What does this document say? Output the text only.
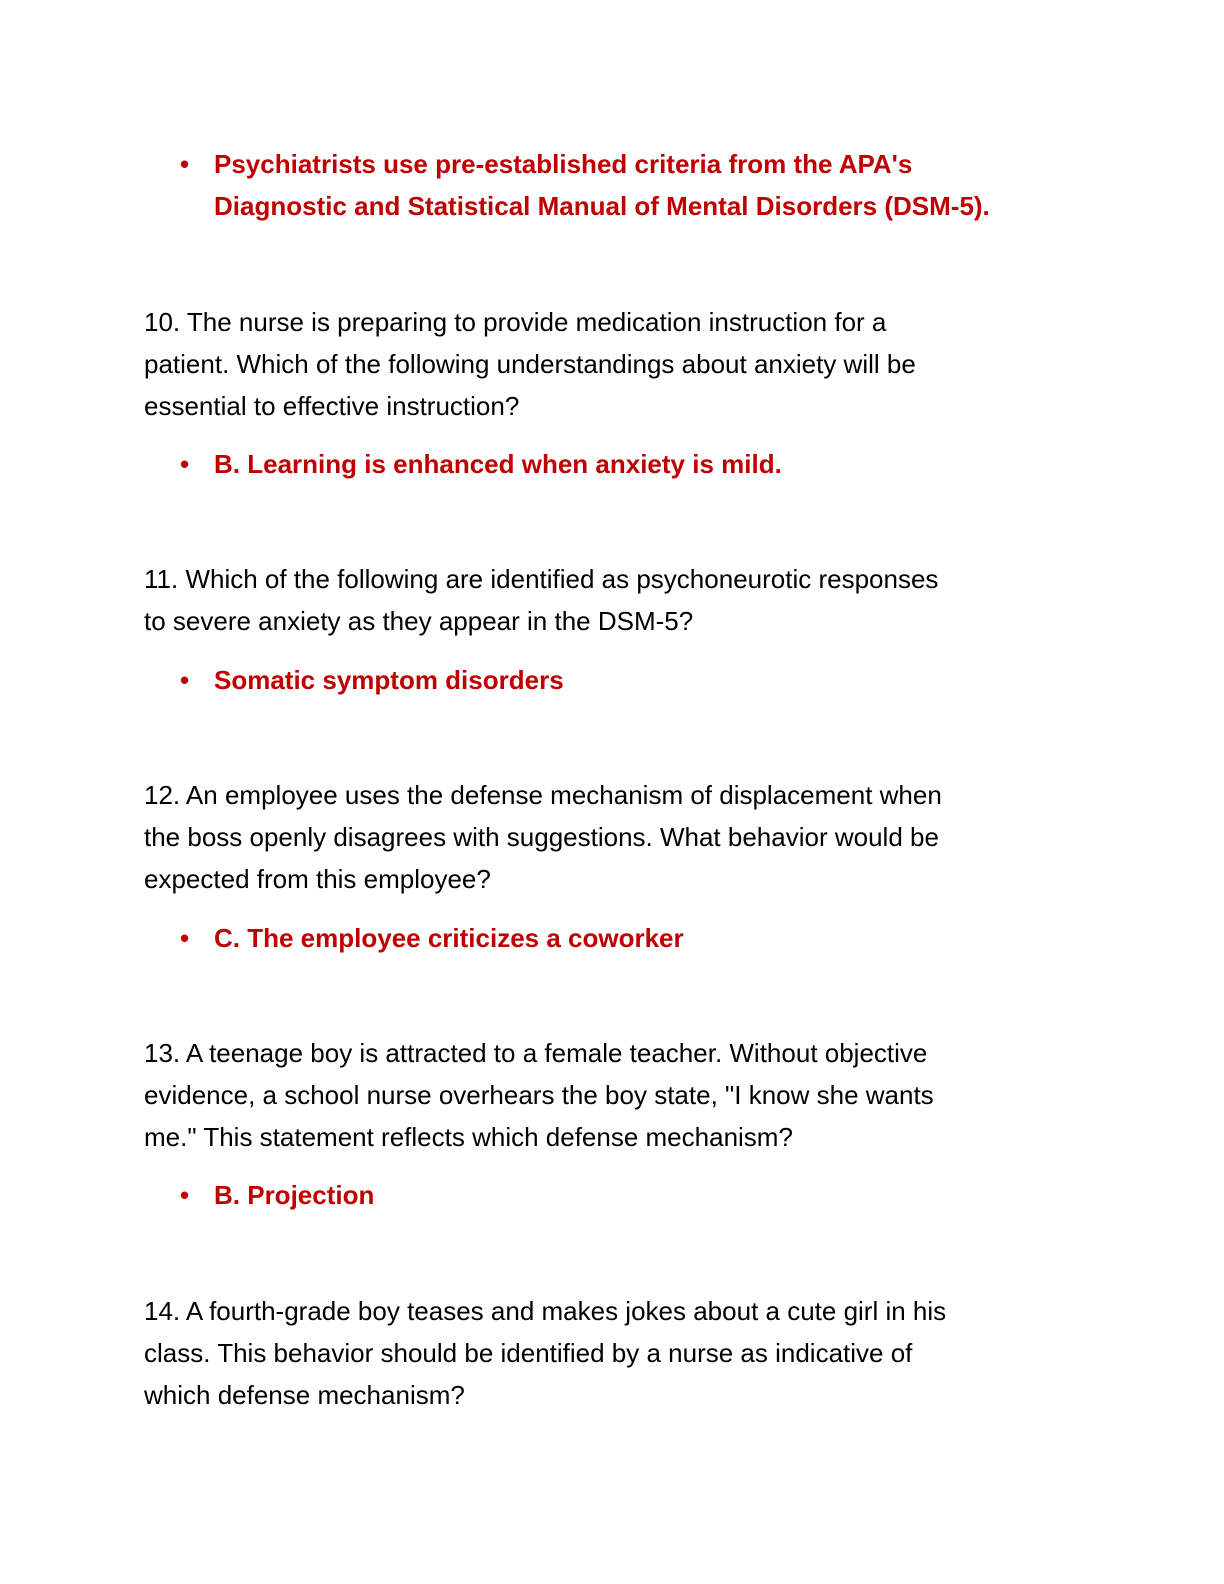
• Psychiatrists use pre-established criteria from the APA's
Diagnostic and Statistical Manual of Mental Disorders (DSM-5).
10. The nurse is preparing to provide medication instruction for a
patient. Which of the following understandings about anxiety will be
essential to effective instruction?
• B. Learning is enhanced when anxiety is mild.
11. Which of the following are identified as psychoneurotic responses
to severe anxiety as they appear in the DSM-5?
• Somatic symptom disorders
12. An employee uses the defense mechanism of displacement when
the boss openly disagrees with suggestions. What behavior would be
expected from this employee?
• C. The employee criticizes a coworker
13. A teenage boy is attracted to a female teacher. Without objective
evidence, a school nurse overhears the boy state, "I know she wants
me." This statement reflects which defense mechanism?
• B. Projection
14. A fourth-grade boy teases and makes jokes about a cute girl in his
class. This behavior should be identified by a nurse as indicative of
which defense mechanism?
